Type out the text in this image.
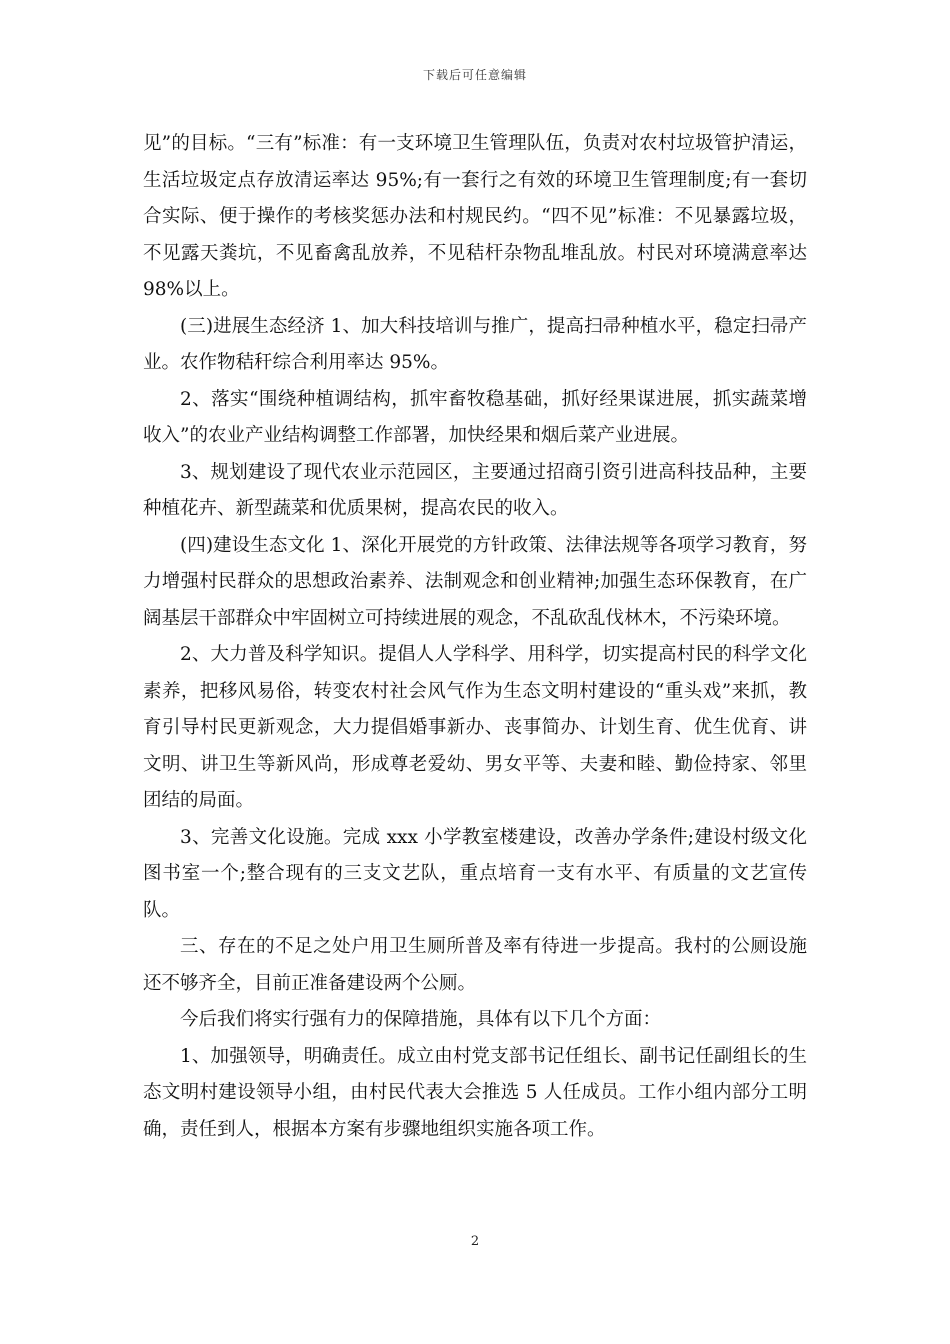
下载后可任意编辑

见”的目标。“三有”标准：有一支环境卫生管理队伍，负责对农村垃圾管护清运，生活垃圾定点存放清运率达 95%;有一套行之有效的环境卫生管理制度;有一套切合实际、便于操作的考核奖惩办法和村规民约。“四不见”标准：不见暴露垃圾，不见露天粪坑，不见畜禽乱放养，不见秸杆杂物乱堆乱放。村民对环境满意率达 98%以上。

(三)进展生态经济 1、加大科技培训与推广，提高扫帚种植水平，稳定扫帚产业。农作物秸秆综合利用率达 95%。

2、落实“围绕种植调结构，抓牢畜牧稳基础，抓好经果谋进展，抓实蔬菜增收入”的农业产业结构调整工作部署，加快经果和烟后菜产业进展。

3、规划建设了现代农业示范园区，主要通过招商引资引进高科技品种，主要种植花卉、新型蔬菜和优质果树，提高农民的收入。

(四)建设生态文化 1、深化开展党的方针政策、法律法规等各项学习教育，努力增强村民群众的思想政治素养、法制观念和创业精神;加强生态环保教育，在广阔基层干部群众中牢固树立可持续进展的观念，不乱砍乱伐林木，不污染环境。

2、大力普及科学知识。提倡人人学科学、用科学，切实提高村民的科学文化素养，把移风易俗，转变农村社会风气作为生态文明村建设的“重头戏”来抓，教育引导村民更新观念，大力提倡婚事新办、丧事简办、计划生育、优生优育、讲文明、讲卫生等新风尚，形成尊老爱幼、男女平等、夫妻和睦、勤俭持家、邻里团结的局面。

3、完善文化设施。完成 xxx 小学教室楼建设，改善办学条件;建设村级文化图书室一个;整合现有的三支文艺队，重点培育一支有水平、有质量的文艺宣传队。

三、存在的不足之处户用卫生厕所普及率有待进一步提高。我村的公厕设施还不够齐全，目前正准备建设两个公厕。

今后我们将实行强有力的保障措施，具体有以下几个方面：

1、加强领导，明确责任。成立由村党支部书记任组长、副书记任副组长的生态文明村建设领导小组，由村民代表大会推选 5 人任成员。工作小组内部分工明确，责任到人，根据本方案有步骤地组织实施各项工作。

2
